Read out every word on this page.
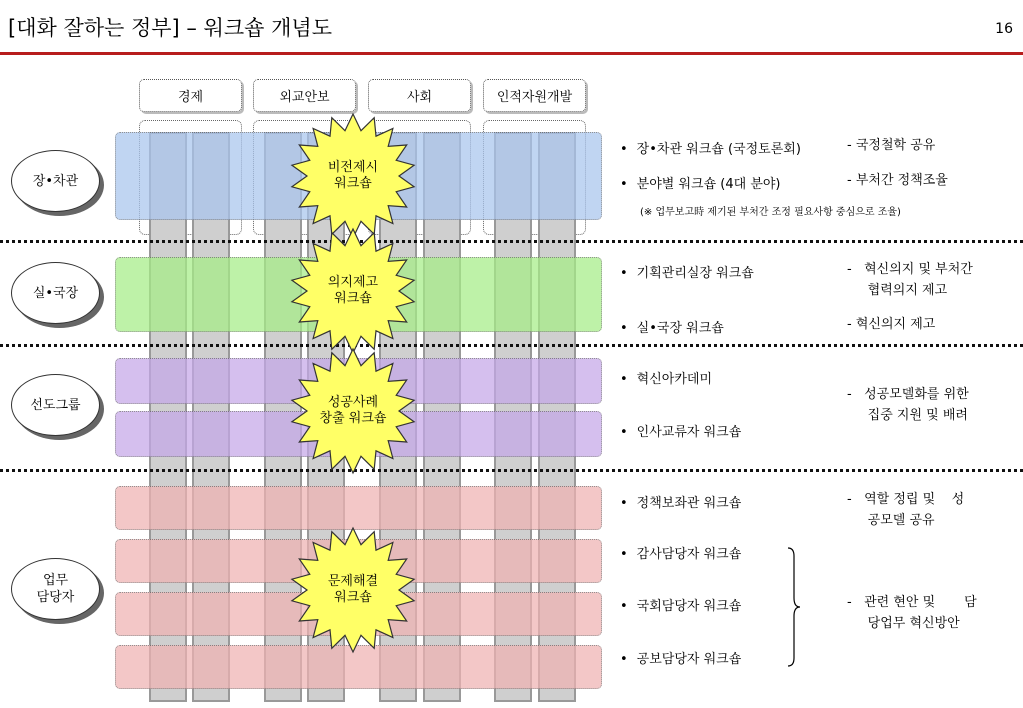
[대화 잘하는 정부] – 워크숍 개념도	16
경제	외교안보	사회	인적자원개발
장•차관
실•국장
선도그룹
업무
담당자
비전제시
워크숍
의지제고
워크숍
성공사례
창출 워크숍
문제해결
워크숍
• 장•차관 워크숍 (국정토론회)
• 분야별 워크숍 (4대 분야)
- 국정철학 공유
- 부처간 정책조율
(※ 업무보고時 제기된 부처간 조정 필요사항 중심으로 조율)
• 기획관리실장 워크숍
• 실•국장 워크숍
-   혁신의지 및 부처간
협력의지 제고
- 혁신의지 제고
• 혁신아카데미
• 인사교류자 워크숍
-   성공모델화를 위한
집중 지원 및 배려
• 정책보좌관 워크숍
• 감사담당자 워크숍
• 국회담당자 워크숍
• 공보담당자 워크숍
-   역할 정립 및    성
공모델 공유
-   관련 현안 및       담
당업무 혁신방안
